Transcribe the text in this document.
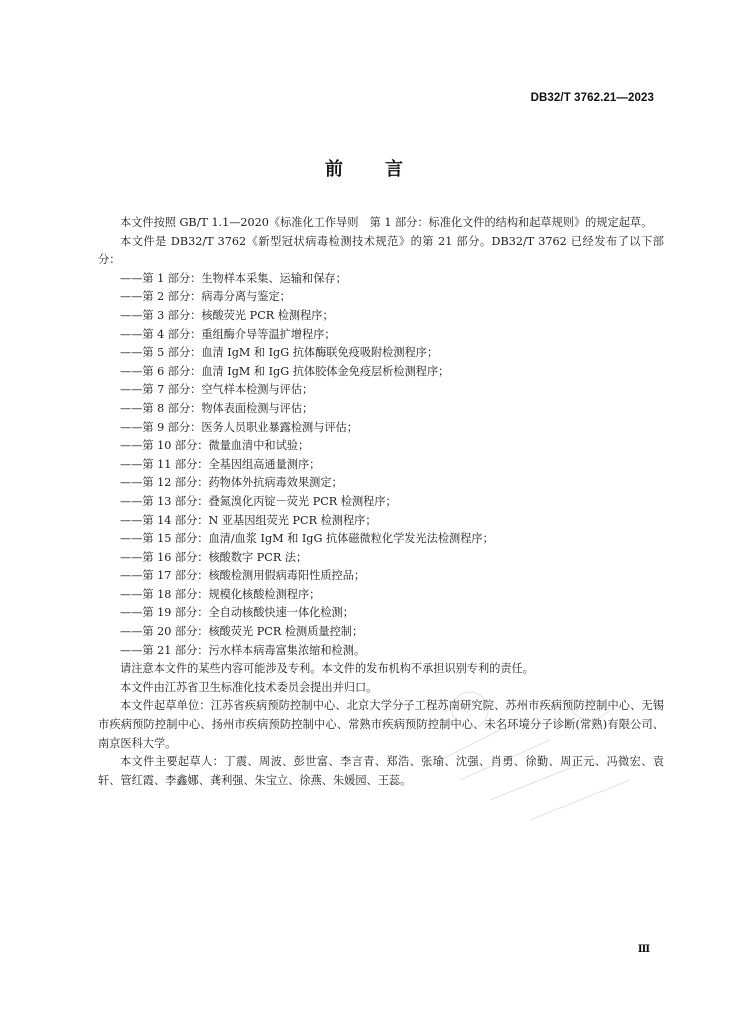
DB32/T 3762.21—2023
前 言

本文件按照 GB/T 1.1—2020《标准化工作导则　第 1 部分：标准化文件的结构和起草规则》的规定起草。

本文件是 DB32/T 3762《新型冠状病毒检测技术规范》的第 21 部分。DB32/T 3762 已经发布了以下部分：

——第 1 部分：生物样本采集、运输和保存；
——第 2 部分：病毒分离与鉴定；
——第 3 部分：核酸荧光 PCR 检测程序；
——第 4 部分：重组酶介导等温扩增程序；
——第 5 部分：血清 IgM 和 IgG 抗体酶联免疫吸附检测程序；
——第 6 部分：血清 IgM 和 IgG 抗体胶体金免疫层析检测程序；
——第 7 部分：空气样本检测与评估；
——第 8 部分：物体表面检测与评估；
——第 9 部分：医务人员职业暴露检测与评估；
——第 10 部分：微量血清中和试验；
——第 11 部分：全基因组高通量测序；
——第 12 部分：药物体外抗病毒效果测定；
——第 13 部分：叠氮溴化丙锭－荧光 PCR 检测程序；
——第 14 部分：N 亚基因组荧光 PCR 检测程序；
——第 15 部分：血清/血浆 IgM 和 IgG 抗体磁微粒化学发光法检测程序；
——第 16 部分：核酸数字 PCR 法；
——第 17 部分：核酸检测用假病毒阳性质控品；
——第 18 部分：规模化核酸检测程序；
——第 19 部分：全自动核酸快速一体化检测；
——第 20 部分：核酸荧光 PCR 检测质量控制；
——第 21 部分：污水样本病毒富集浓缩和检测。

请注意本文件的某些内容可能涉及专利。本文件的发布机构不承担识别专利的责任。

本文件由江苏省卫生标准化技术委员会提出并归口。

本文件起草单位：江苏省疾病预防控制中心、北京大学分子工程苏南研究院、苏州市疾病预防控制中心、无锡市疾病预防控制中心、扬州市疾病预防控制中心、常熟市疾病预防控制中心、未名环境分子诊断(常熟)有限公司、南京医科大学。

本文件主要起草人：丁震、周波、彭世富、李言青、郑浩、张瑜、沈强、肖勇、徐勤、周正元、冯微宏、袁轩、管红霞、李鑫娜、龚利强、朱宝立、徐燕、朱媛园、王蕊。

Ⅲ
